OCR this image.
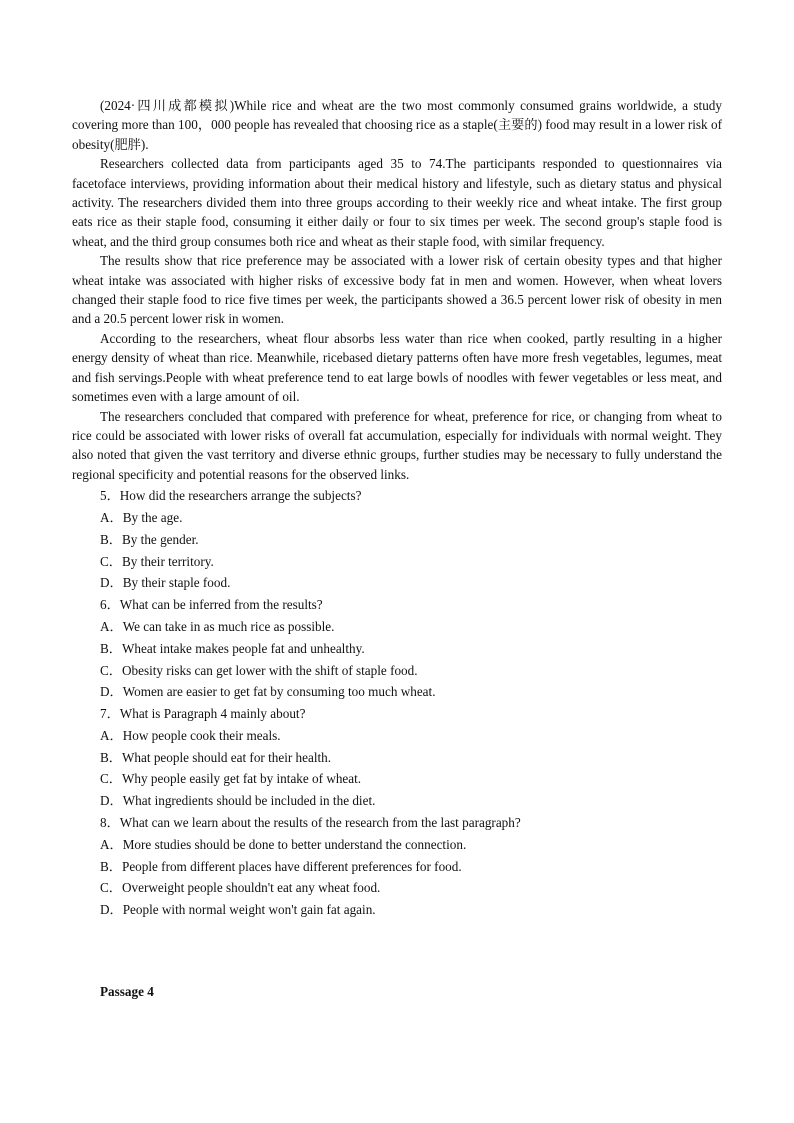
(2024·四川成都模拟)While rice and wheat are the two most commonly consumed grains worldwide, a study covering more than 100，000 people has revealed that choosing rice as a staple(主要的) food may result in a lower risk of obesity(肥胖).

Researchers collected data from participants aged 35 to 74.The participants responded to questionnaires via facetoface interviews, providing information about their medical history and lifestyle, such as dietary status and physical activity. The researchers divided them into three groups according to their weekly rice and wheat intake. The first group eats rice as their staple food, consuming it either daily or four to six times per week. The second group's staple food is wheat, and the third group consumes both rice and wheat as their staple food, with similar frequency.

The results show that rice preference may be associated with a lower risk of certain obesity types and that higher wheat intake was associated with higher risks of excessive body fat in men and women. However, when wheat lovers changed their staple food to rice five times per week, the participants showed a 36.5 percent lower risk of obesity in men and a 20.5 percent lower risk in women.

According to the researchers, wheat flour absorbs less water than rice when cooked, partly resulting in a higher energy density of wheat than rice. Meanwhile, ricebased dietary patterns often have more fresh vegetables, legumes, meat and fish servings.People with wheat preference tend to eat large bowls of noodles with fewer vegetables or less meat, and sometimes even with a large amount of oil.

The researchers concluded that compared with preference for wheat, preference for rice, or changing from wheat to rice could be associated with lower risks of overall fat accumulation, especially for individuals with normal weight. They also noted that given the vast territory and diverse ethnic groups, further studies may be necessary to fully understand the regional specificity and potential reasons for the observed links.

5．How did the researchers arrange the subjects?
A．By the age.
B．By the gender.
C．By their territory.
D．By their staple food.
6．What can be inferred from the results?
A．We can take in as much rice as possible.
B．Wheat intake makes people fat and unhealthy.
C．Obesity risks can get lower with the shift of staple food.
D．Women are easier to get fat by consuming too much wheat.
7．What is Paragraph 4 mainly about?
A．How people cook their meals.
B．What people should eat for their health.
C．Why people easily get fat by intake of wheat.
D．What ingredients should be included in the diet.
8．What can we learn about the results of the research from the last paragraph?
A．More studies should be done to better understand the connection.
B．People from different places have different preferences for food.
C．Overweight people shouldn't eat any wheat food.
D．People with normal weight won't gain fat again.
Passage 4
